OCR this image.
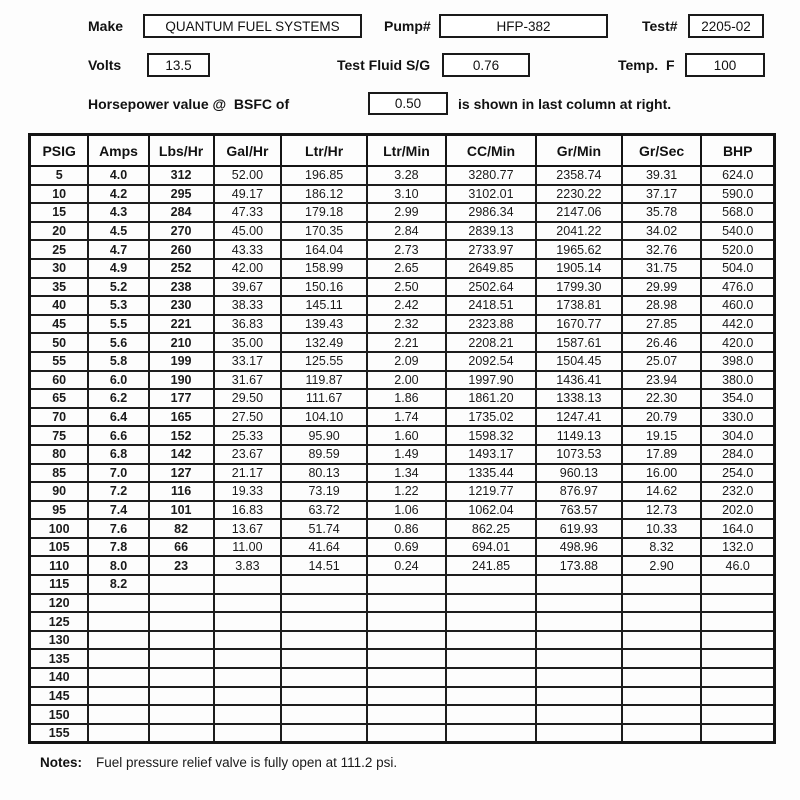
Make	QUANTUM FUEL SYSTEMS	Pump#	HFP-382	Test# 2205-02
Volts	13.5	Test Fluid S/G	0.76	Temp.  F	100
Horsepower value @  BSFC of	0.50	is shown in last column at right.
PSIG	Amps	Lbs/Hr	Gal/Hr	Ltr/Hr	Ltr/Min	CC/Min	Gr/Min	Gr/Sec	BHP
5	4.0	312	52.00	196.85	3.28	3280.77	2358.74	39.31	624.0
10	4.2	295	49.17	186.12	3.10	3102.01	2230.22	37.17	590.0
15	4.3	284	47.33	179.18	2.99	2986.34	2147.06	35.78	568.0
20	4.5	270	45.00	170.35	2.84	2839.13	2041.22	34.02	540.0
25	4.7	260	43.33	164.04	2.73	2733.97	1965.62	32.76	520.0
30	4.9	252	42.00	158.99	2.65	2649.85	1905.14	31.75	504.0
35	5.2	238	39.67	150.16	2.50	2502.64	1799.30	29.99	476.0
40	5.3	230	38.33	145.11	2.42	2418.51	1738.81	28.98	460.0
45	5.5	221	36.83	139.43	2.32	2323.88	1670.77	27.85	442.0
50	5.6	210	35.00	132.49	2.21	2208.21	1587.61	26.46	420.0
55	5.8	199	33.17	125.55	2.09	2092.54	1504.45	25.07	398.0
60	6.0	190	31.67	119.87	2.00	1997.90	1436.41	23.94	380.0
65	6.2	177	29.50	111.67	1.86	1861.20	1338.13	22.30	354.0
70	6.4	165	27.50	104.10	1.74	1735.02	1247.41	20.79	330.0
75	6.6	152	25.33	95.90	1.60	1598.32	1149.13	19.15	304.0
80	6.8	142	23.67	89.59	1.49	1493.17	1073.53	17.89	284.0
85	7.0	127	21.17	80.13	1.34	1335.44	960.13	16.00	254.0
90	7.2	116	19.33	73.19	1.22	1219.77	876.97	14.62	232.0
95	7.4	101	16.83	63.72	1.06	1062.04	763.57	12.73	202.0
100	7.6	82	13.67	51.74	0.86	862.25	619.93	10.33	164.0
105	7.8	66	11.00	41.64	0.69	694.01	498.96	8.32	132.0
110	8.0	23	3.83	14.51	0.24	241.85	173.88	2.90	46.0
115	8.2								
120									
125									
130									
135									
140									
145									
150									
155									
Notes: Fuel pressure relief valve is fully open at 111.2 psi.
